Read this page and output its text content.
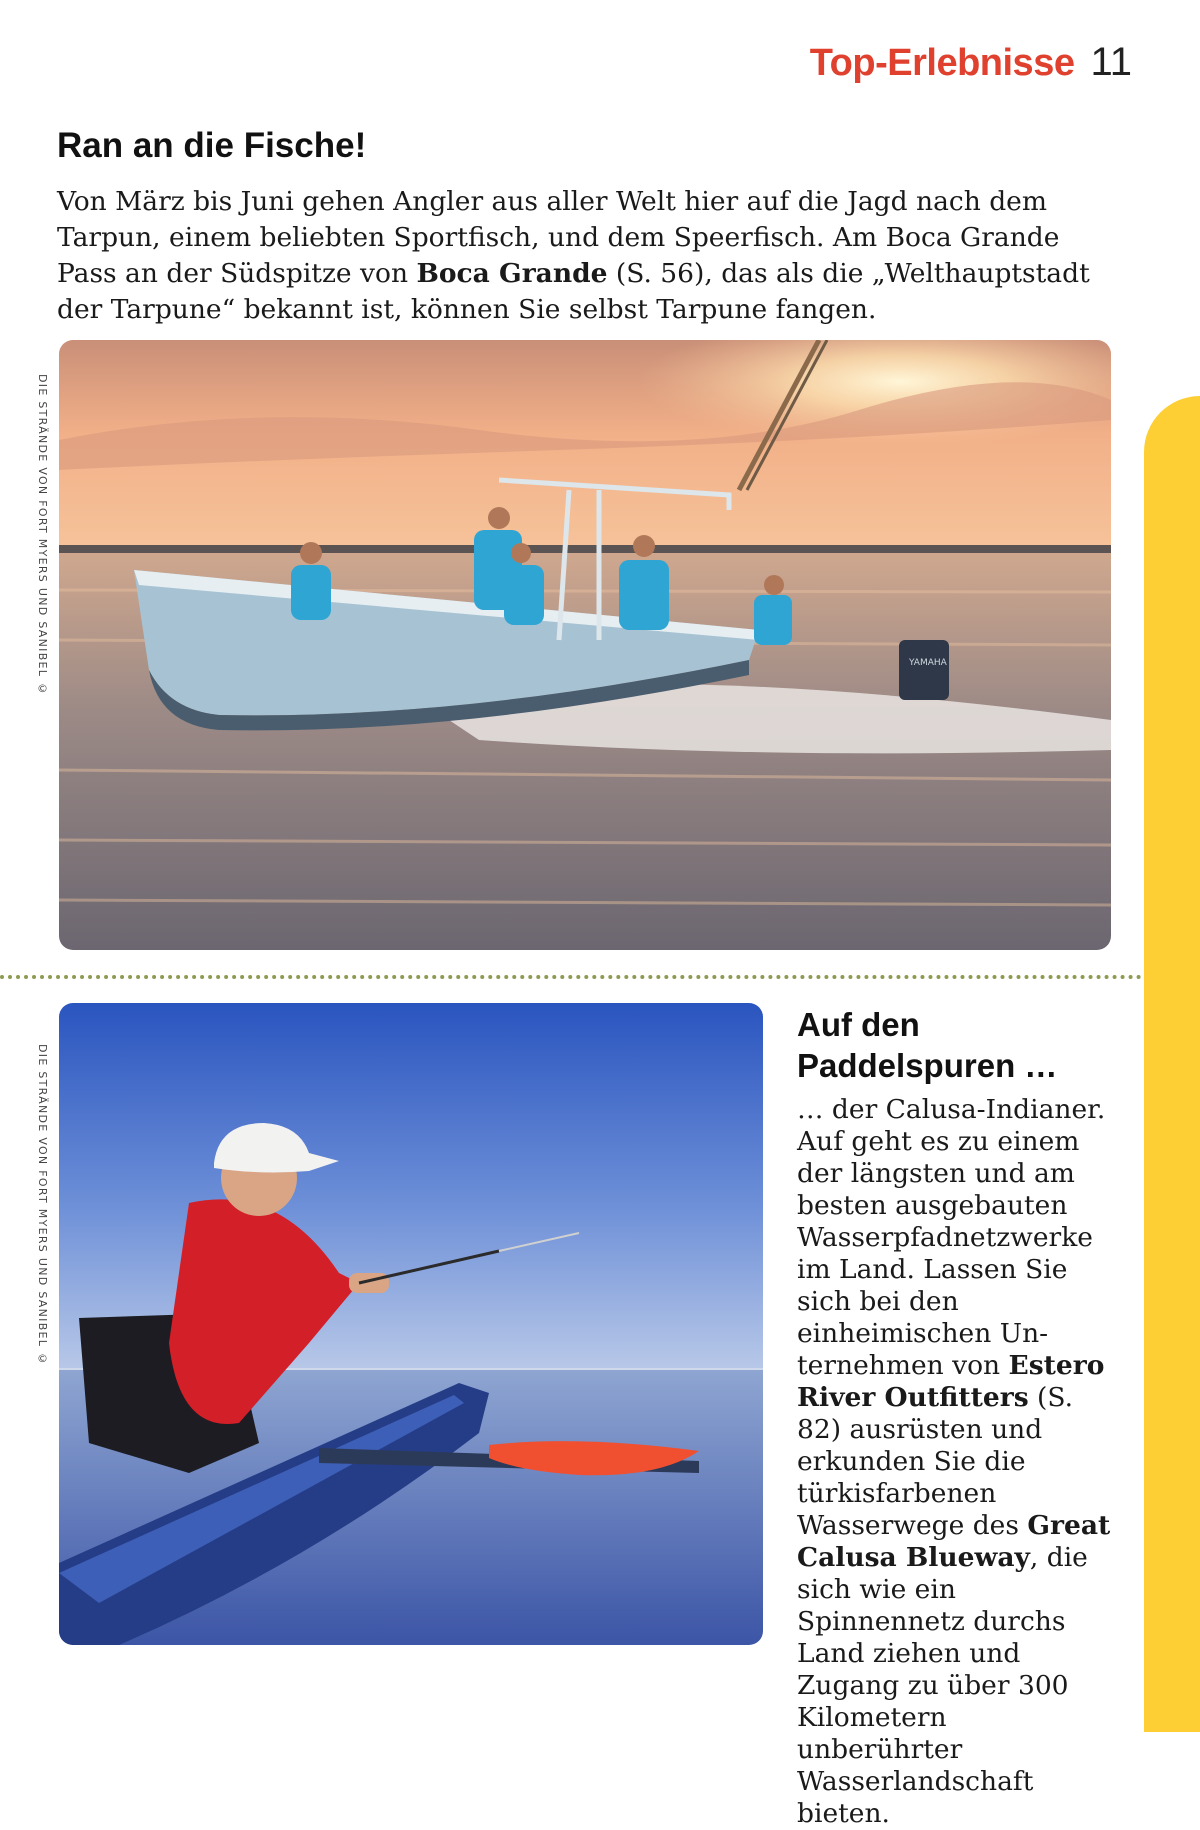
Top-Erlebnisse 11
Ran an die Fische!

Von März bis Juni gehen Angler aus aller Welt hier auf die Jagd nach dem Tarpun, einem beliebten Sportfisch, und dem Speerfisch. Am Boca Grande Pass an der Südspitze von Boca Grande (S. 56), das als die „Welthauptstadt der Tarpune“ bekannt ist, können Sie selbst Tarpune fangen.

DIE STRÄNDE VON FORT MYERS UND SANIBEL ©	YAMAHA
DIE STRÄNDE VON FORT MYERS UND SANIBEL ©
Auf den
Paddelspuren …

… der Calusa-Indianer. Auf geht es zu einem der längsten und am besten ausgebauten Wasserpfadnetzwerke im Land. Lassen Sie sich bei den einheimischen Un- ternehmen von Estero River Outfitters (S. 82) ausrüsten und erkunden Sie die türkisfarbenen Wasserwege des Great Calusa Blueway, die sich wie ein Spinnennetz durchs Land ziehen und Zugang zu über 300 Kilometern unberührter Wasserlandschaft bieten.
